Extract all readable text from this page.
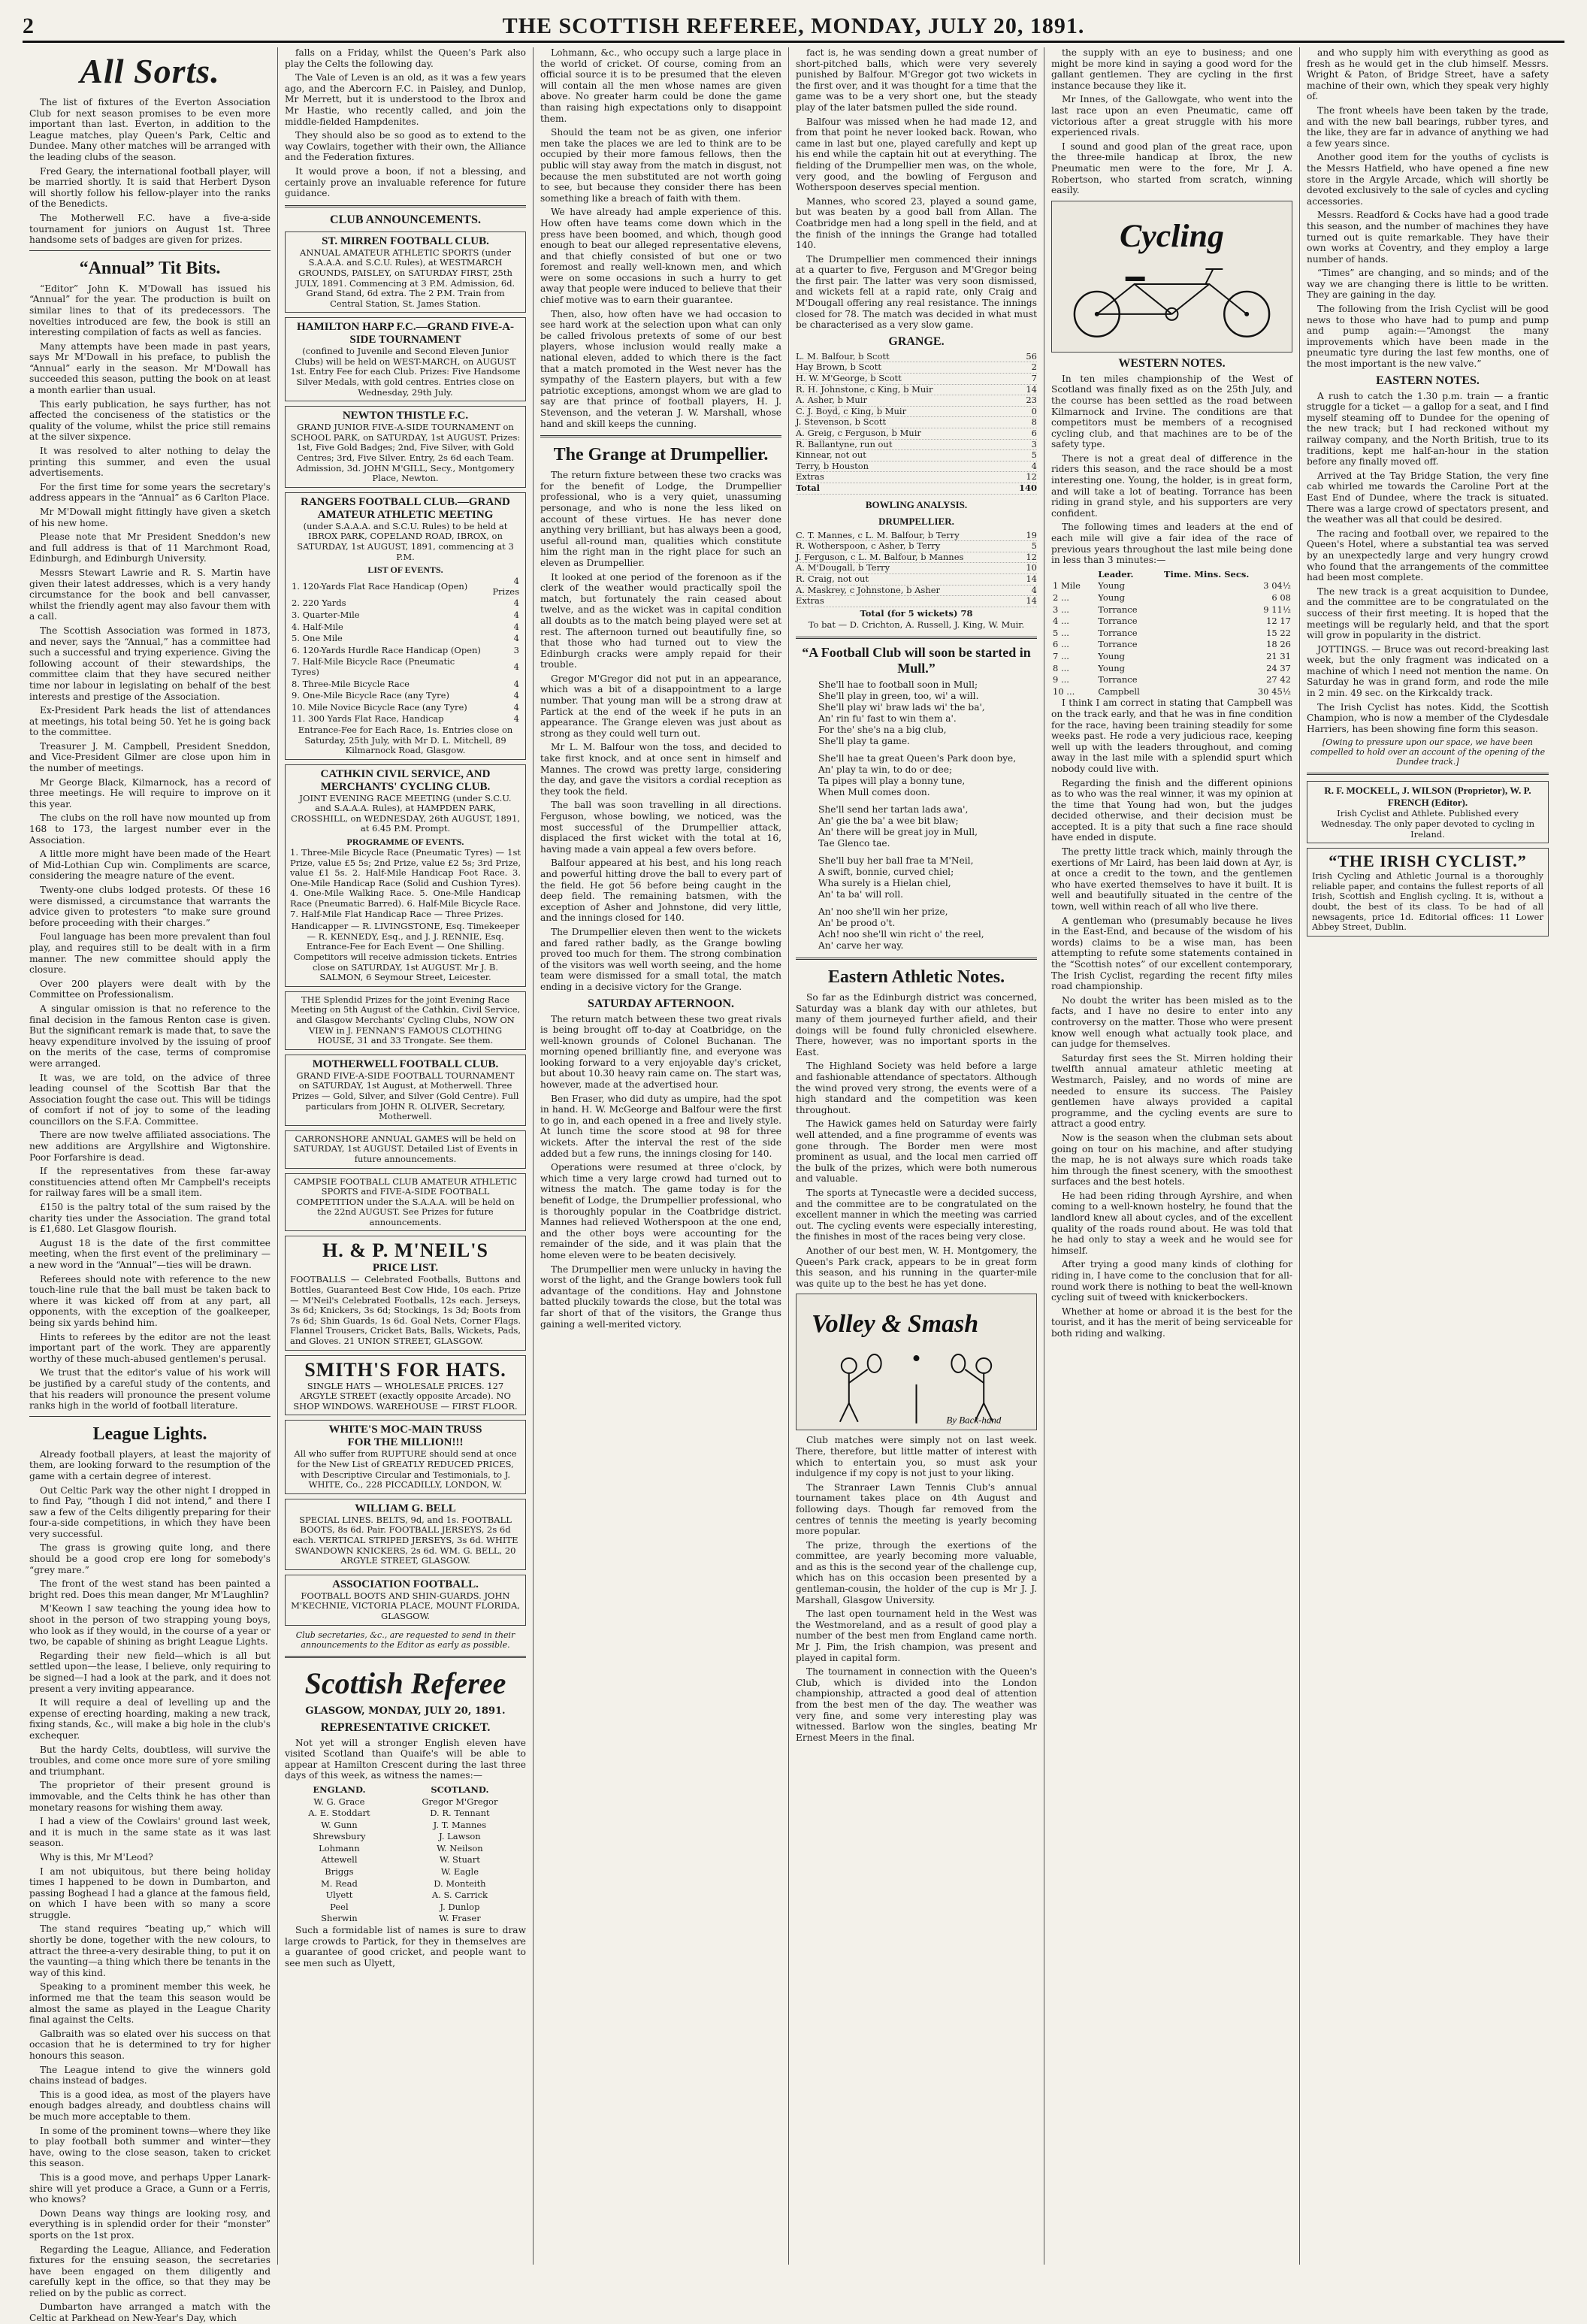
2	THE SCOTTISH REFEREE, MONDAY, JULY 20, 1891.
All Sorts.

The list of fixtures of the Everton Association Club for next season promises to be even more important than last. Everton, in addition to the League matches, play Queen's Park, Celtic and Dundee. Many other matches will be arranged with the leading clubs of the season.

Fred Geary, the international football player, will be married shortly. It is said that Herbert Dyson will shortly follow his fellow-player into the ranks of the Benedicts.

The Motherwell F.C. have a five-a-side tournament for juniors on August 1st. Three handsome sets of badges are given for prizes.

“Annual” Tit Bits.

“Editor” John K. M'Dowall has issued his “Annual” for the year. The production is built on similar lines to that of its predecessors. The novelties introduced are few, the book is still an interesting compilation of facts as well as fancies.

Many attempts have been made in past years, says Mr M'Dowall in his preface, to publish the “Annual” early in the season. Mr M'Dowall has succeeded this season, putting the book on at least a month earlier than usual.

This early publication, he says further, has not affected the conciseness of the statistics or the quality of the volume, whilst the price still remains at the silver sixpence.

It was resolved to alter nothing to delay the printing this summer, and even the usual advertisements.

For the first time for some years the secretary's address appears in the “Annual” as 6 Carlton Place.

Mr M'Dowall might fittingly have given a sketch of his new home.

Please note that Mr President Sneddon's new and full address is that of 11 Marchmont Road, Edinburgh, and Edinburgh University.

Messrs Stewart Lawrie and R. S. Martin have given their latest addresses, which is a very handy circumstance for the book and bell canvasser, whilst the friendly agent may also favour them with a call.

The Scottish Association was formed in 1873, and never, says the “Annual,” has a committee had such a successful and trying experience. Giving the following account of their stewardships, the committee claim that they have secured neither time nor labour in legislating on behalf of the best interests and prestige of the Association.

Ex-President Park heads the list of attendances at meetings, his total being 50. Yet he is going back to the committee.

Treasurer J. M. Campbell, President Sneddon, and Vice-President Gilmer are close upon him in the number of meetings.

Mr George Black, Kilmarnock, has a record of three meetings. He will require to improve on it this year.

The clubs on the roll have now mounted up from 168 to 173, the largest number ever in the Association.

A little more might have been made of the Heart of Mid-Lothian Cup win. Compliments are scarce, considering the meagre nature of the event.

Twenty-one clubs lodged protests. Of these 16 were dismissed, a circumstance that warrants the advice given to protesters “to make sure ground before proceeding with their charges.”

Foul language has been more prevalent than foul play, and requires still to be dealt with in a firm manner. The new committee should apply the closure.

Over 200 players were dealt with by the Committee on Professionalism.

A singular omission is that no reference to the final decision in the famous Renton case is given. But the significant remark is made that, to save the heavy expenditure involved by the issuing of proof on the merits of the case, terms of compromise were arranged.

It was, we are told, on the advice of three leading counsel of the Scottish Bar that the Association fought the case out. This will be tidings of comfort if not of joy to some of the leading councillors on the S.F.A. Committee.

There are now twelve affiliated associations. The new additions are Argyllshire and Wigtonshire. Poor Forfarshire is dead.

If the representatives from these far-away constituencies attend often Mr Campbell's receipts for railway fares will be a small item.

£150 is the paltry total of the sum raised by the charity ties under the Association. The grand total is £1,680. Let Glasgow flourish.

August 18 is the date of the first committee meeting, when the first event of the preliminary — a new word in the “Annual”—ties will be drawn.

Referees should note with reference to the new touch-line rule that the ball must be taken back to where it was kicked off from at any part, all opponents, with the exception of the goalkeeper, being six yards behind him.

Hints to referees by the editor are not the least important part of the work. They are apparently worthy of these much-abused gentlemen's perusal.

We trust that the editor's value of his work will be justified by a careful study of the contents, and that his readers will pronounce the present volume ranks high in the world of football literature.

League Lights.

Already football players, at least the majority of them, are looking forward to the resumption of the game with a certain degree of interest.

Out Celtic Park way the other night I dropped in to find Pay, “though I did not intend,” and there I saw a few of the Celts diligently preparing for their four-a-side competitions, in which they have been very successful.

The grass is growing quite long, and there should be a good crop ere long for somebody's “grey mare.”

The front of the west stand has been painted a bright red. Does this mean danger, Mr M'Laughlin?

M'Keown I saw teaching the young idea how to shoot in the person of two strapping young boys, who look as if they would, in the course of a year or two, be capable of shining as bright League Lights.

Regarding their new field—which is all but settled upon—the lease, I believe, only requiring to be signed—I had a look at the park, and it does not present a very inviting appearance.

It will require a deal of levelling up and the expense of erecting hoarding, making a new track, fixing stands, &c., will make a big hole in the club's exchequer.

But the hardy Celts, doubtless, will survive the troubles, and come once more sure of yore smiling and triumphant.

The proprietor of their present ground is immovable, and the Celts think he has other than monetary reasons for wishing them away.

I had a view of the Cowlairs' ground last week, and it is much in the same state as it was last season.

Why is this, Mr M'Leod?

I am not ubiquitous, but there being holiday times I happened to be down in Dumbarton, and passing Boghead I had a glance at the famous field, on which I have been with so many a score struggle.

The stand requires “beating up,” which will shortly be done, together with the new colours, to attract the three-a-very desirable thing, to put it on the vaunting—a thing which there be tenants in the way of this kind.

Speaking to a prominent member this week, he informed me that the team this season would be almost the same as played in the League Charity final against the Celts.

Galbraith was so elated over his success on that occasion that he is determined to try for higher honours this season.

The League intend to give the winners gold chains instead of badges.

This is a good idea, as most of the players have enough badges already, and doubtless chains will be much more acceptable to them.

In some of the prominent towns—where they like to play football both summer and winter—they have, owing to the close season, taken to cricket this season.

This is a good move, and perhaps Upper Lanark-shire will yet produce a Grace, a Gunn or a Ferris, who knows?

Down Deans way things are looking rosy, and everything is in splendid order for their “monster” sports on the 1st prox.

Regarding the League, Alliance, and Federation fixtures for the ensuing season, the secretaries have been engaged on them diligently and carefully kept in the office, so that they may be relied on by the public as correct.

Dumbarton have arranged a match with the Celtic at Parkhead on New-Year's Day, which

falls on a Friday, whilst the Queen's Park also play the Celts the following day.

The Vale of Leven is an old, as it was a few years ago, and the Abercorn F.C. in Paisley, and Dunlop, Mr Merrett, but it is understood to the Ibrox and Mr Hastie, who recently called, and join the middle-fielded Hampdenites.

They should also be so good as to extend to the way Cowlairs, together with their own, the Alliance and the Federation fixtures.

It would prove a boon, if not a blessing, and certainly prove an invaluable reference for future guidance.

CLUB ANNOUNCEMENTS.
ST. MIRREN FOOTBALL CLUB.
ANNUAL AMATEUR ATHLETIC SPORTS (under S.A.A.A. and S.C.U. Rules), at WESTMARCH GROUNDS, PAISLEY, on SATURDAY FIRST, 25th JULY, 1891. Commencing at 3 P.M. Admission, 6d. Grand Stand, 6d extra. The 2 P.M. Train from Central Station, St. James Station.
HAMILTON HARP F.C.—GRAND FIVE-A-SIDE TOURNAMENT
(confined to Juvenile and Second Eleven Junior Clubs) will be held on WEST-MARCH, on AUGUST 1st. Entry Fee for each Club. Prizes: Five Handsome Silver Medals, with gold centres. Entries close on Wednesday, 29th July.
NEWTON THISTLE F.C.
GRAND JUNIOR FIVE-A-SIDE TOURNAMENT on SCHOOL PARK, on SATURDAY, 1st AUGUST. Prizes: 1st, Five Gold Badges; 2nd, Five Silver, with Gold Centres; 3rd, Five Silver. Entry, 2s 6d each Team. Admission, 3d. JOHN M'GILL, Secy., Montgomery Place, Newton.
RANGERS FOOTBALL CLUB.—GRAND AMATEUR ATHLETIC MEETING
(under S.A.A.A. and S.C.U. Rules) to be held at IBROX PARK, COPELAND ROAD, IBROX, on SATURDAY, 1st AUGUST, 1891, commencing at 3 P.M.
LIST OF EVENTS.
1. 120-Yards Flat Race Handicap (Open)	4 Prizes
2. 220 Yards	4
3. Quarter-Mile	4
4. Half-Mile	4
5. One Mile	4
6. 120-Yards Hurdle Race Handicap (Open)	3
7. Half-Mile Bicycle Race (Pneumatic Tyres)	4
8. Three-Mile Bicycle Race	4
9. One-Mile Bicycle Race (any Tyre)	4
10. Mile Novice Bicycle Race (any Tyre)	4
11. 300 Yards Flat Race, Handicap	4
Entrance-Fee for Each Race, 1s. Entries close on Saturday, 25th July, with Mr D. L. Mitchell, 89 Kilmarnock Road, Glasgow.
CATHKIN CIVIL SERVICE, AND MERCHANTS' CYCLING CLUB.
JOINT EVENING RACE MEETING (under S.C.U. and S.A.A.A. Rules), at HAMPDEN PARK, CROSSHILL, on WEDNESDAY, 26th AUGUST, 1891, at 6.45 P.M. Prompt.
PROGRAMME OF EVENTS.
1. Three-Mile Bicycle Race (Pneumatic Tyres) — 1st Prize, value £5 5s; 2nd Prize, value £2 5s; 3rd Prize, value £1 5s. 2. Half-Mile Handicap Foot Race. 3. One-Mile Handicap Race (Solid and Cushion Tyres). 4. One-Mile Walking Race. 5. One-Mile Handicap Race (Pneumatic Barred). 6. Half-Mile Bicycle Race. 7. Half-Mile Flat Handicap Race — Three Prizes.
Handicapper — R. LIVINGSTONE, Esq. Timekeeper — R. KENNEDY, Esq., and J. J. RENNIE, Esq. Entrance-Fee for Each Event — One Shilling. Competitors will receive admission tickets. Entries close on SATURDAY, 1st AUGUST. Mr J. B. SALMON, 6 Seymour Street, Leicester.
THE Splendid Prizes for the joint Evening Race Meeting on 5th August of the Cathkin, Civil Service, and Glasgow Merchants' Cycling Clubs, NOW ON VIEW in J. FENNAN'S FAMOUS CLOTHING HOUSE, 31 and 33 Trongate. See them.
MOTHERWELL FOOTBALL CLUB.
GRAND FIVE-A-SIDE FOOTBALL TOURNAMENT on SATURDAY, 1st August, at Motherwell. Three Prizes — Gold, Silver, and Silver (Gold Centre). Full particulars from JOHN R. OLIVER, Secretary, Motherwell.
CARRONSHORE ANNUAL GAMES will be held on SATURDAY, 1st AUGUST. Detailed List of Events in future announcements.
CAMPSIE FOOTBALL CLUB AMATEUR ATHLETIC SPORTS and FIVE-A-SIDE FOOTBALL COMPETITION under the S.A.A.A. will be held on the 22nd AUGUST. See Prizes for future announcements.
H. & P. M'NEIL'S
PRICE LIST.
FOOTBALLS — Celebrated Footballs, Buttons and Bottles, Guaranteed Best Cow Hide, 10s each. Prize — M'Neil's Celebrated Footballs, 12s each. Jerseys, 3s 6d; Knickers, 3s 6d; Stockings, 1s 3d; Boots from 7s 6d; Shin Guards, 1s 6d. Goal Nets, Corner Flags. Flannel Trousers, Cricket Bats, Balls, Wickets, Pads, and Gloves. 21 UNION STREET, GLASGOW.
SMITH'S FOR HATS.
SINGLE HATS — WHOLESALE PRICES. 127 ARGYLE STREET (exactly opposite Arcade). NO SHOP WINDOWS. WAREHOUSE — FIRST FLOOR.
WHITE'S MOC-MAIN TRUSS
FOR THE MILLION!!!
All who suffer from RUPTURE should send at once for the New List of GREATLY REDUCED PRICES, with Descriptive Circular and Testimonials, to J. WHITE, Co., 228 PICCADILLY, LONDON, W.
WILLIAM G. BELL
SPECIAL LINES. BELTS, 9d, and 1s. FOOTBALL BOOTS, 8s 6d. Pair. FOOTBALL JERSEYS, 2s 6d each. VERTICAL STRIPED JERSEYS, 3s 6d. WHITE SWANDOWN KNICKERS, 2s 6d. WM. G. BELL, 20 ARGYLE STREET, GLASGOW.
ASSOCIATION FOOTBALL.
FOOTBALL BOOTS AND SHIN-GUARDS. JOHN M'KECHNIE, VICTORIA PLACE, MOUNT FLORIDA, GLASGOW.
Club secretaries, &c., are requested to send in their announcements to the Editor as early as possible.
Scottish Referee
GLASGOW, MONDAY, JULY 20, 1891.
REPRESENTATIVE CRICKET.

Not yet will a stronger English eleven have visited Scotland than Quaife's will be able to appear at Hamilton Crescent during the last three days of this week, as witness the names:—

ENGLAND.	SCOTLAND.
W. G. Grace	Gregor M'Gregor
A. E. Stoddart	D. R. Tennant
W. Gunn	J. T. Mannes
Shrewsbury	J. Lawson
Lohmann	W. Neilson
Attewell	W. Stuart
Briggs	W. Eagle
M. Read	D. Monteith
Ulyett	A. S. Carrick
Peel	J. Dunlop
Sherwin	W. Fraser

Such a formidable list of names is sure to draw large crowds to Partick, for they in themselves are a guarantee of good cricket, and people want to see men such as Ulyett,

Lohmann, &c., who occupy such a large place in the world of cricket. Of course, coming from an official source it is to be presumed that the eleven will contain all the men whose names are given above. No greater harm could be done the game than raising high expectations only to disappoint them.

Should the team not be as given, one inferior men take the places we are led to think are to be occupied by their more famous fellows, then the public will stay away from the match in disgust, not because the men substituted are not worth going to see, but because they consider there has been something like a breach of faith with them.

We have already had ample experience of this. How often have teams come down which in the press have been boomed, and which, though good enough to beat our alleged representative elevens, and that chiefly consisted of but one or two foremost and really well-known men, and which were on some occasions in such a hurry to get away that people were induced to believe that their chief motive was to earn their guarantee.

Then, also, how often have we had occasion to see hard work at the selection upon what can only be called frivolous pretexts of some of our best players, whose inclusion would really make a national eleven, added to which there is the fact that a match promoted in the West never has the sympathy of the Eastern players, but with a few patriotic exceptions, amongst whom we are glad to say are that prince of football players, H. J. Stevenson, and the veteran J. W. Marshall, whose hand and skill keeps the cunning.

The Grange at Drumpellier.

The return fixture between these two cracks was for the benefit of Lodge, the Drumpellier professional, who is a very quiet, unassuming personage, and who is none the less liked on account of these virtues. He has never done anything very brilliant, but has always been a good, useful all-round man, qualities which constitute him the right man in the right place for such an eleven as Drumpellier.

It looked at one period of the forenoon as if the clerk of the weather would practically spoil the match, but fortunately the rain ceased about twelve, and as the wicket was in capital condition all doubts as to the match being played were set at rest. The afternoon turned out beautifully fine, so that those who had turned out to view the Edinburgh cracks were amply repaid for their trouble.

Gregor M'Gregor did not put in an appearance, which was a bit of a disappointment to a large number. That young man will be a strong draw at Partick at the end of the week if he puts in an appearance. The Grange eleven was just about as strong as they could well turn out.

Mr L. M. Balfour won the toss, and decided to take first knock, and at once sent in himself and Mannes. The crowd was pretty large, considering the day, and gave the visitors a cordial reception as they took the field.

The ball was soon travelling in all directions. Ferguson, whose bowling, we noticed, was the most successful of the Drumpellier attack, displaced the first wicket with the total at 16, having made a vain appeal a few overs before.

Balfour appeared at his best, and his long reach and powerful hitting drove the ball to every part of the field. He got 56 before being caught in the deep field. The remaining batsmen, with the exception of Asher and Johnstone, did very little, and the innings closed for 140.

The Drumpellier eleven then went to the wickets and fared rather badly, as the Grange bowling proved too much for them. The strong combination of the visitors was well worth seeing, and the home team were dismissed for a small total, the match ending in a decisive victory for the Grange.

SATURDAY AFTERNOON.

The return match between these two great rivals is being brought off to-day at Coatbridge, on the well-known grounds of Colonel Buchanan. The morning opened brilliantly fine, and everyone was looking forward to a very enjoyable day's cricket, but about 10.30 heavy rain came on. The start was, however, made at the advertised hour.

Ben Fraser, who did duty as umpire, had the spot in hand. H. W. McGeorge and Balfour were the first to go in, and each opened in a free and lively style. At lunch time the score stood at 98 for three wickets. After the interval the rest of the side added but a few runs, the innings closing for 140.

Operations were resumed at three o'clock, by which time a very large crowd had turned out to witness the match. The game today is for the benefit of Lodge, the Drumpellier professional, who is thoroughly popular in the Coatbridge district. Mannes had relieved Wotherspoon at the one end, and the other boys were accounting for the remainder of the side, and it was plain that the home eleven were to be beaten decisively.

The Drumpellier men were unlucky in having the worst of the light, and the Grange bowlers took full advantage of the conditions. Hay and Johnstone batted pluckily towards the close, but the total was far short of that of the visitors, the Grange thus gaining a well-merited victory.

fact is, he was sending down a great number of short-pitched balls, which were very severely punished by Balfour. M'Gregor got two wickets in the first over, and it was thought for a time that the game was to be a very short one, but the steady play of the later batsmen pulled the side round.

Balfour was missed when he had made 12, and from that point he never looked back. Rowan, who came in last but one, played carefully and kept up his end while the captain hit out at everything. The fielding of the Drumpellier men was, on the whole, very good, and the bowling of Ferguson and Wotherspoon deserves special mention.

Mannes, who scored 23, played a sound game, but was beaten by a good ball from Allan. The Coatbridge men had a long spell in the field, and at the finish of the innings the Grange had totalled 140.

The Drumpellier men commenced their innings at a quarter to five, Ferguson and M'Gregor being the first pair. The latter was very soon dismissed, and wickets fell at a rapid rate, only Craig and M'Dougall offering any real resistance. The innings closed for 78. The match was decided in what must be characterised as a very slow game.

GRANGE.
L. M. Balfour, b Scott	56
Hay Brown, b Scott	2
H. W. M'George, b Scott	7
R. H. Johnstone, c King, b Muir	14
A. Asher, b Muir	23
C. J. Boyd, c King, b Muir	0
J. Stevenson, b Scott	8
A. Greig, c Ferguson, b Muir	6
R. Ballantyne, run out	3
Kinnear, not out	5
Terry, b Houston	4
Extras	12
Total	140
BOWLING ANALYSIS.
DRUMPELLIER.
C. T. Mannes, c L. M. Balfour, b Terry	19
R. Wotherspoon, c Asher, b Terry	5
J. Ferguson, c L. M. Balfour, b Mannes	12
A. M'Dougall, b Terry	10
R. Craig, not out	14
A. Maskrey, c Johnstone, b Asher	4
Extras	14
Total (for 5 wickets) 78
To bat — D. Crichton, A. Russell, J. King, W. Muir.
“A Football Club will soon be started in Mull.”
She'll hae to football soon in Mull;
She'll play in green, too, wi' a will.
She'll play wi' braw lads wi' the ba',
An' rin fu' fast to win them a'.
For the' she's na a big club,
She'll play ta game.
She'll hae ta great Queen's Park doon bye,
An' play ta win, to do or dee;
Ta pipes will play a bonny tune,
When Mull comes doon.
She'll send her tartan lads awa',
An' gie the ba' a wee bit blaw;
An' there will be great joy in Mull,
Tae Glenco tae.
She'll buy her ball frae ta M'Neil,
A swift, bonnie, curved chiel;
Wha surely is a Hielan chiel,
An' ta ba' will roll.
An' noo she'll win her prize,
An' be prood o't.
Ach! noo she'll win richt o' the reel,
An' carve her way.
Eastern Athletic Notes.

So far as the Edinburgh district was concerned, Saturday was a blank day with our athletes, but many of them journeyed further afield, and their doings will be found fully chronicled elsewhere. There, however, was no important sports in the East.

The Highland Society was held before a large and fashionable attendance of spectators. Although the wind proved very strong, the events were of a high standard and the competition was keen throughout.

The Hawick games held on Saturday were fairly well attended, and a fine programme of events was gone through. The Border men were most prominent as usual, and the local men carried off the bulk of the prizes, which were both numerous and valuable.

The sports at Tynecastle were a decided success, and the committee are to be congratulated on the excellent manner in which the meeting was carried out. The cycling events were especially interesting, the finishes in most of the races being very close.

Another of our best men, W. H. Montgomery, the Queen's Park crack, appears to be in great form this season, and his running in the quarter-mile was quite up to the best he has yet done.

Volley & Smash
By Back-hand

Club matches were simply not on last week. There, therefore, but little matter of interest with which to entertain you, so must ask your indulgence if my copy is not just to your liking.

The Stranraer Lawn Tennis Club's annual tournament takes place on 4th August and following days. Though far removed from the centres of tennis the meeting is yearly becoming more popular.

The prize, through the exertions of the committee, are yearly becoming more valuable, and as this is the second year of the challenge cup, which has on this occasion been presented by a gentleman-cousin, the holder of the cup is Mr J. J. Marshall, Glasgow University.

The last open tournament held in the West was the Westmoreland, and as a result of good play a number of the best men from England came north. Mr J. Pim, the Irish champion, was present and played in capital form.

The tournament in connection with the Queen's Club, which is divided into the London championship, attracted a good deal of attention from the best men of the day. The weather was very fine, and some very interesting play was witnessed. Barlow won the singles, beating Mr Ernest Meers in the final.

the supply with an eye to business; and one might be more kind in saying a good word for the gallant gentlemen. They are cycling in the first instance because they like it.

Mr Innes, of the Gallowgate, who went into the last race upon an even Pneumatic, came off victorious after a great struggle with his more experienced rivals.

I sound and good plan of the great race, upon the three-mile handicap at Ibrox, the new Pneumatic men were to the fore, Mr J. A. Robertson, who started from scratch, winning easily.

Cycling
WESTERN NOTES.

In ten miles championship of the West of Scotland was finally fixed as on the 25th July, and the course has been settled as the road between Kilmarnock and Irvine. The conditions are that competitors must be members of a recognised cycling club, and that machines are to be of the safety type.

There is not a great deal of difference in the riders this season, and the race should be a most interesting one. Young, the holder, is in great form, and will take a lot of beating. Torrance has been riding in grand style, and his supporters are very confident.

The following times and leaders at the end of each mile will give a fair idea of the race of previous years throughout the last mile being done in less than 3 minutes:—

	Leader.	Time. Mins. Secs.
1 Mile	Young	3 04½
2 ...	Young	6 08
3 ...	Torrance	9 11½
4 ...	Torrance	12 17
5 ...	Torrance	15 22
6 ...	Torrance	18 26
7 ...	Young	21 31
8 ...	Young	24 37
9 ...	Torrance	27 42
10 ...	Campbell	30 45½

I think I am correct in stating that Campbell was on the track early, and that he was in fine condition for the race, having been training steadily for some weeks past. He rode a very judicious race, keeping well up with the leaders throughout, and coming away in the last mile with a splendid spurt which nobody could live with.

Regarding the finish and the different opinions as to who was the real winner, it was my opinion at the time that Young had won, but the judges decided otherwise, and their decision must be accepted. It is a pity that such a fine race should have ended in dispute.

The pretty little track which, mainly through the exertions of Mr Laird, has been laid down at Ayr, is at once a credit to the town, and the gentlemen who have exerted themselves to have it built. It is well and beautifully situated in the centre of the town, well within reach of all who live there.

A gentleman who (presumably because he lives in the East-End, and because of the wisdom of his words) claims to be a wise man, has been attempting to refute some statements contained in the “Scottish notes” of our excellent contemporary, The Irish Cyclist, regarding the recent fifty miles road championship.

No doubt the writer has been misled as to the facts, and I have no desire to enter into any controversy on the matter. Those who were present know well enough what actually took place, and can judge for themselves.

Saturday first sees the St. Mirren holding their twelfth annual amateur athletic meeting at Westmarch, Paisley, and no words of mine are needed to ensure its success. The Paisley gentlemen have always provided a capital programme, and the cycling events are sure to attract a good entry.

Now is the season when the clubman sets about going on tour on his machine, and after studying the map, he is not always sure which roads take him through the finest scenery, with the smoothest surfaces and the best hotels.

He had been riding through Ayrshire, and when coming to a well-known hostelry, he found that the landlord knew all about cycles, and of the excellent quality of the roads round about. He was told that he had only to stay a week and he would see for himself.

After trying a good many kinds of clothing for riding in, I have come to the conclusion that for all-round work there is nothing to beat the well-known cycling suit of tweed with knickerbockers.

Whether at home or abroad it is the best for the tourist, and it has the merit of being serviceable for both riding and walking.

and who supply him with everything as good as fresh as he would get in the club himself. Messrs. Wright & Paton, of Bridge Street, have a safety machine of their own, which they speak very highly of.

The front wheels have been taken by the trade, and with the new ball bearings, rubber tyres, and the like, they are far in advance of anything we had a few years since.

Another good item for the youths of cyclists is the Messrs Hatfield, who have opened a fine new store in the Argyle Arcade, which will shortly be devoted exclusively to the sale of cycles and cycling accessories.

Messrs. Readford & Cocks have had a good trade this season, and the number of machines they have turned out is quite remarkable. They have their own works at Coventry, and they employ a large number of hands.

“Times” are changing, and so minds; and of the way we are changing there is little to be written. They are gaining in the day.

The following from the Irish Cyclist will be good news to those who have had to pump and pump and pump again:—“Amongst the many improvements which have been made in the pneumatic tyre during the last few months, one of the most important is the new valve.”

EASTERN NOTES.

A rush to catch the 1.30 p.m. train — a frantic struggle for a ticket — a gallop for a seat, and I find myself steaming off to Dundee for the opening of the new track; but I had reckoned without my railway company, and the North British, true to its traditions, kept me half-an-hour in the station before any finally moved off.

Arrived at the Tay Bridge Station, the very fine cab whirled me towards the Caroline Port at the East End of Dundee, where the track is situated. There was a large crowd of spectators present, and the weather was all that could be desired.

The racing and football over, we repaired to the Queen's Hotel, where a substantial tea was served by an unexpectedly large and very hungry crowd who found that the arrangements of the committee had been most complete.

The new track is a great acquisition to Dundee, and the committee are to be congratulated on the success of their first meeting. It is hoped that the meetings will be regularly held, and that the sport will grow in popularity in the district.

JOTTINGS. — Bruce was out record-breaking last week, but the only fragment was indicated on a machine of which I need not mention the name. On Saturday he was in grand form, and rode the mile in 2 min. 49 sec. on the Kirkcaldy track.

The Irish Cyclist has notes. Kidd, the Scottish Champion, who is now a member of the Clydesdale Harriers, has been showing fine form this season.

[Owing to pressure upon our space, we have been compelled to hold over an account of the opening of the Dundee track.]
R. F. MOCKELL, J. WILSON (Proprietor), W. P. FRENCH (Editor).
Irish Cyclist and Athlete. Published every Wednesday. The only paper devoted to cycling in Ireland.
“THE IRISH CYCLIST.”
Irish Cycling and Athletic Journal is a thoroughly reliable paper, and contains the fullest reports of all Irish, Scottish and English cycling. It is, without a doubt, the best of its class. To be had of all newsagents, price 1d. Editorial offices: 11 Lower Abbey Street, Dublin.
